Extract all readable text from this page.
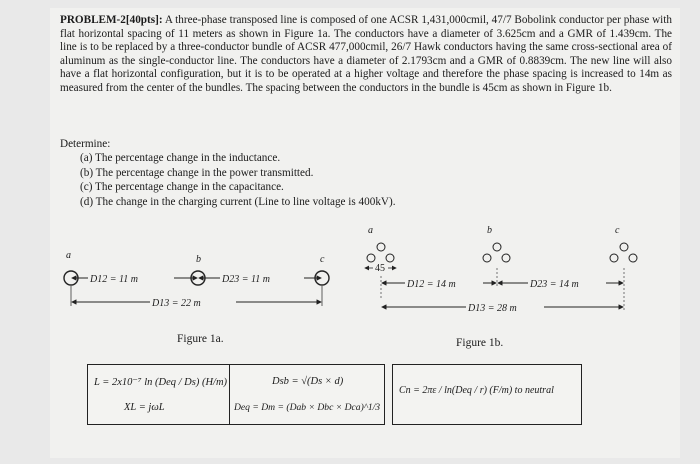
PROBLEM-2[40pts]: A three-phase transposed line is composed of one ACSR 1,431,000cmil, 47/7 Bobolink conductor per phase with flat horizontal spacing of 11 meters as shown in Figure 1a. The conductors have a diameter of 3.625cm and a GMR of 1.439cm. The line is to be replaced by a three-conductor bundle of ACSR 477,000cmil, 26/7 Hawk conductors having the same cross-sectional area of aluminum as the single-conductor line. The conductors have a diameter of 2.1793cm and a GMR of 0.8839cm. The new line will also have a flat horizontal configuration, but it is to be operated at a higher voltage and therefore the phase spacing is increased to 14m as measured from the center of the bundles. The spacing between the conductors in the bundle is 45cm as shown in Figure 1b.
Determine:
(a) The percentage change in the inductance.
(b) The percentage change in the power transmitted.
(c) The percentage change in the capacitance.
(d) The change in the charging current (Line to line voltage is 400kV).
a	b	c
D12 = 11 m	D23 = 11 m
D13 = 22 m
a	b	c
45
D12 = 14 m	D23 = 14 m
D13 = 28 m
Figure 1a.	Figure 1b.
L = 2x10⁻⁷ ln (Deq / Ds) (H/m)
XL = jωL
Dsb = √(Ds × d)
Deq = Dm = (Dab × Dbc × Dca)^1/3
Cn = 2πε / ln(Deq / r) (F/m) to neutral
